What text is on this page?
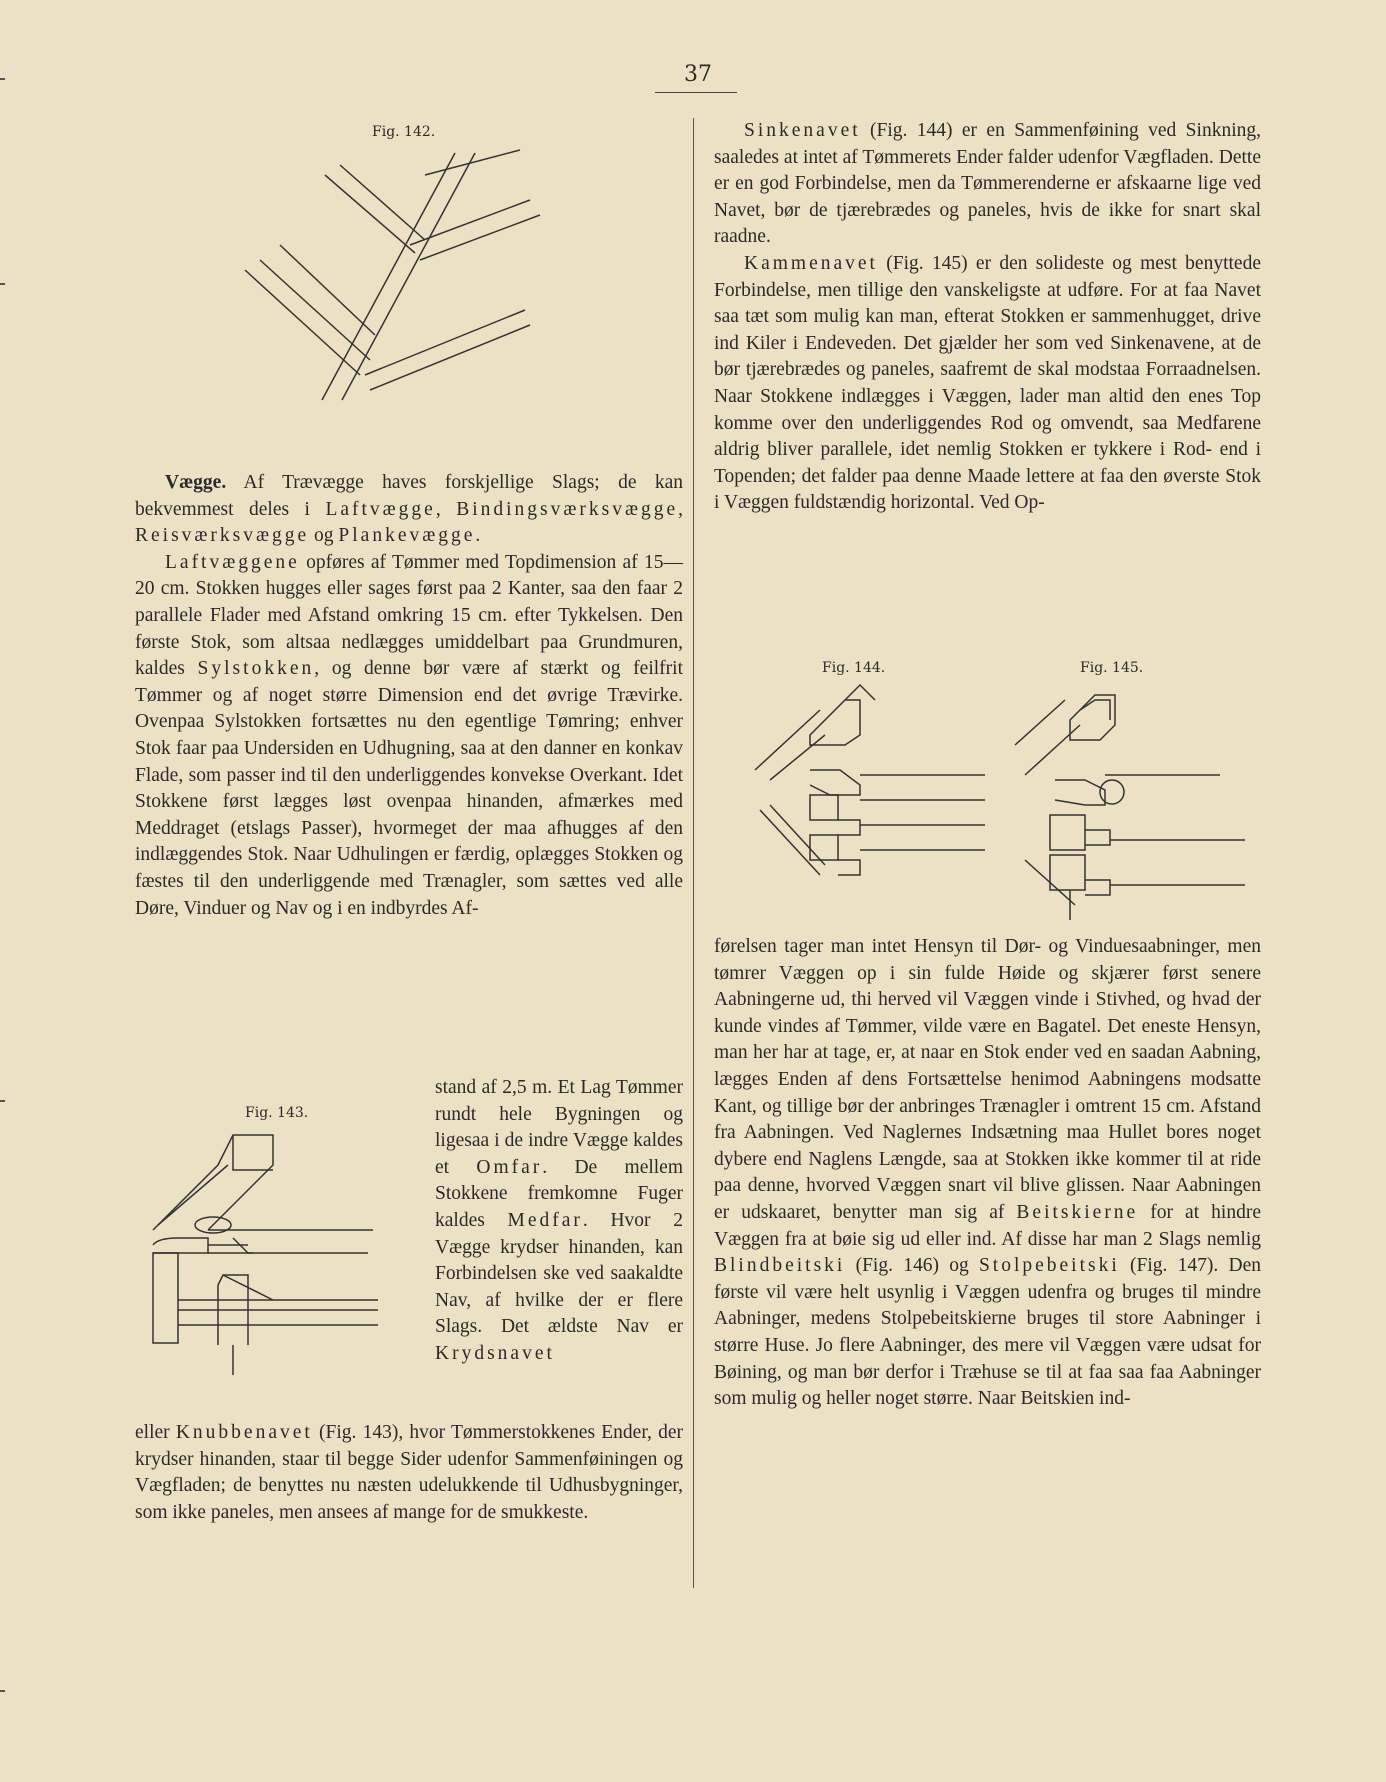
37
Fig. 142.

Vægge. Af Trævægge haves forskjellige Slags; de kan bekvemmest deles i Laftvægge, Bindingsværksvægge, Reisværksvægge og Plankevægge.

Laftvæggene opføres af Tømmer med Topdimension af 15—20 cm. Stokken hugges eller sages først paa 2 Kanter, saa den faar 2 parallele Flader med Afstand omkring 15 cm. efter Tykkelsen. Den første Stok, som altsaa nedlægges umiddelbart paa Grundmuren, kaldes Sylstokken, og denne bør være af stærkt og feilfrit Tømmer og af noget større Dimension end det øvrige Trævirke. Ovenpaa Sylstokken fortsættes nu den egentlige Tømring; enhver Stok faar paa Undersiden en Udhugning, saa at den danner en konkav Flade, som passer ind til den underliggendes konvekse Overkant. Idet Stokkene først lægges løst ovenpaa hinanden, afmærkes med Meddraget (etslags Passer), hvormeget der maa afhugges af den indlæggendes Stok. Naar Udhulingen er færdig, oplægges Stokken og fæstes til den underliggende med Trænagler, som sættes ved alle Døre, Vinduer og Nav og i en indbyrdes Af-

Fig. 143.
stand af 2,5 m. Et Lag Tømmer rundt hele Bygningen og ligesaa i de indre Vægge kaldes et Omfar. De mellem Stokkene fremkomne Fuger kaldes Medfar. Hvor 2 Vægge krydser hinanden, kan Forbindelsen ske ved saakaldte Nav, af hvilke der er flere Slags. Det ældste Nav er Krydsnavet
eller Knubbenavet (Fig. 143), hvor Tømmerstokkenes Ender, der krydser hinanden, staar til begge Sider udenfor Sammenføiningen og Vægfladen; de benyttes nu næsten udelukkende til Udhusbygninger, som ikke paneles, men ansees af mange for de smukkeste.

Sinkenavet (Fig. 144) er en Sammenføining ved Sinkning, saaledes at intet af Tømmerets Ender falder udenfor Vægfladen. Dette er en god Forbindelse, men da Tømmerenderne er afskaarne lige ved Navet, bør de tjærebrædes og paneles, hvis de ikke for snart skal raadne.

Kammenavet (Fig. 145) er den solideste og mest benyttede Forbindelse, men tillige den vanskeligste at udføre. For at faa Navet saa tæt som mulig kan man, efterat Stokken er sammenhugget, drive ind Kiler i Endeveden. Det gjælder her som ved Sinkenavene, at de bør tjærebrædes og paneles, saafremt de skal modstaa Forraadnelsen. Naar Stokkene indlægges i Væggen, lader man altid den enes Top komme over den underliggendes Rod og omvendt, saa Medfarene aldrig bliver parallele, idet nemlig Stokken er tykkere i Rod- end i Topenden; det falder paa denne Maade lettere at faa den øverste Stok i Væggen fuldstændig horizontal. Ved Op-

Fig. 144.	Fig. 145.

førelsen tager man intet Hensyn til Dør- og Vinduesaabninger, men tømrer Væggen op i sin fulde Høide og skjærer først senere Aabningerne ud, thi herved vil Væggen vinde i Stivhed, og hvad der kunde vindes af Tømmer, vilde være en Bagatel. Det eneste Hensyn, man her har at tage, er, at naar en Stok ender ved en saadan Aabning, lægges Enden af dens Fortsættelse henimod Aabningens modsatte Kant, og tillige bør der anbringes Trænagler i omtrent 15 cm. Afstand fra Aabningen. Ved Naglernes Indsætning maa Hullet bores noget dybere end Naglens Længde, saa at Stokken ikke kommer til at ride paa denne, hvorved Væggen snart vil blive glissen. Naar Aabningen er udskaaret, benytter man sig af Beitskierne for at hindre Væggen fra at bøie sig ud eller ind. Af disse har man 2 Slags nemlig Blindbeitski (Fig. 146) og Stolpebeitski (Fig. 147). Den første vil være helt usynlig i Væggen udenfra og bruges til mindre Aabninger, medens Stolpebeitskierne bruges til store Aabninger i større Huse. Jo flere Aabninger, des mere vil Væggen være udsat for Bøining, og man bør derfor i Træhuse se til at faa saa faa Aabninger som mulig og heller noget større. Naar Beitskien ind-
